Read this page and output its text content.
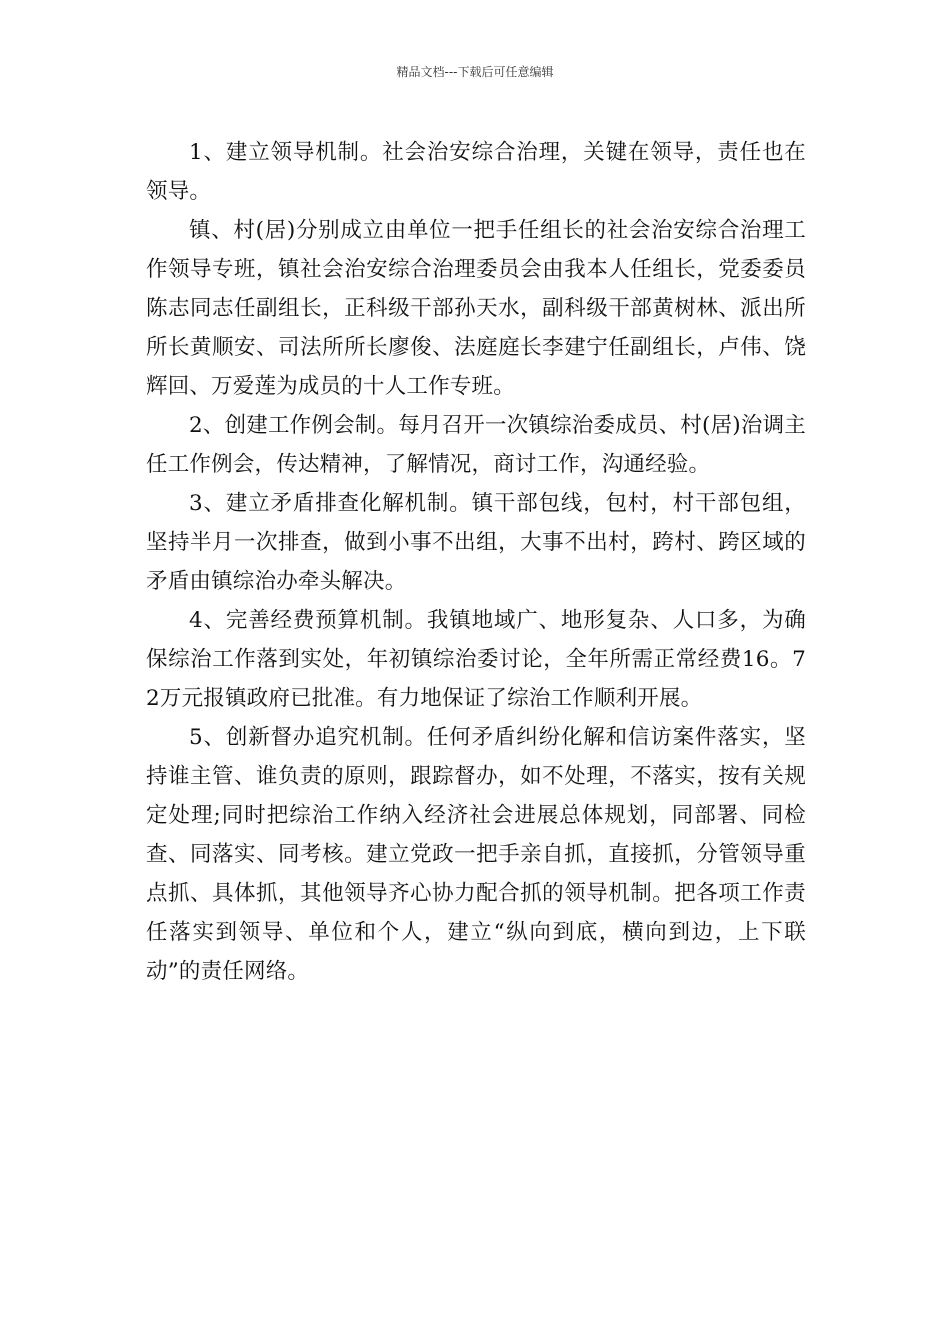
精品文档---下载后可任意编辑

1、建立领导机制。社会治安综合治理，关键在领导，责任也在领导。

镇、村(居)分别成立由单位一把手任组长的社会治安综合治理工作领导专班，镇社会治安综合治理委员会由我本人任组长，党委委员陈志同志任副组长，正科级干部孙天水，副科级干部黄树林、派出所所长黄顺安、司法所所长廖俊、法庭庭长李建宁任副组长，卢伟、饶辉回、万爱莲为成员的十人工作专班。

2、创建工作例会制。每月召开一次镇综治委成员、村(居)治调主任工作例会，传达精神，了解情况，商讨工作，沟通经验。

3、建立矛盾排查化解机制。镇干部包线，包村，村干部包组，坚持半月一次排查，做到小事不出组，大事不出村，跨村、跨区域的矛盾由镇综治办牵头解决。

4、完善经费预算机制。我镇地域广、地形复杂、人口多，为确保综治工作落到实处，年初镇综治委讨论，全年所需正常经费16。72万元报镇政府已批准。有力地保证了综治工作顺利开展。

5、创新督办追究机制。任何矛盾纠纷化解和信访案件落实，坚持谁主管、谁负责的原则，跟踪督办，如不处理，不落实，按有关规定处理;同时把综治工作纳入经济社会进展总体规划，同部署、同检查、同落实、同考核。建立党政一把手亲自抓，直接抓，分管领导重点抓、具体抓，其他领导齐心协力配合抓的领导机制。把各项工作责任落实到领导、单位和个人，建立“纵向到底，横向到边，上下联动”的责任网络。
